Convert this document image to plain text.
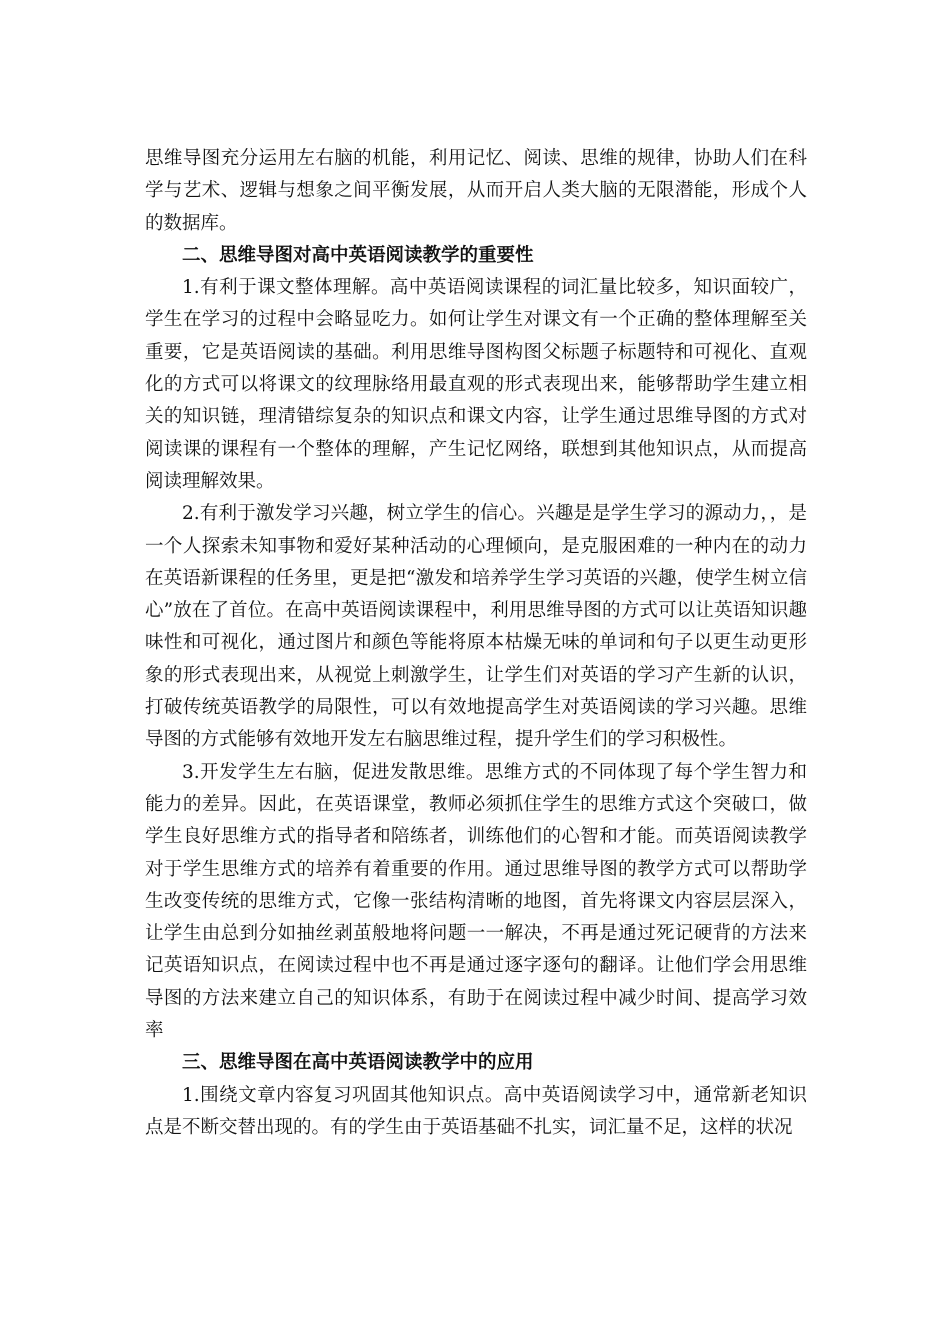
思维导图充分运用左右脑的机能，利用记忆、阅读、思维的规律，协助人们在科学与艺术、逻辑与想象之间平衡发展，从而开启人类大脑的无限潜能，形成个人的数据库。

二、思维导图对高中英语阅读教学的重要性

1.有利于课文整体理解。高中英语阅读课程的词汇量比较多，知识面较广，学生在学习的过程中会略显吃力。如何让学生对课文有一个正确的整体理解至关重要，它是英语阅读的基础。利用思维导图构图父标题子标题特和可视化、直观化的方式可以将课文的纹理脉络用最直观的形式表现出来，能够帮助学生建立相关的知识链，理清错综复杂的知识点和课文内容，让学生通过思维导图的方式对阅读课的课程有一个整体的理解，产生记忆网络，联想到其他知识点，从而提高阅读理解效果。

2.有利于激发学习兴趣，树立学生的信心。兴趣是是学生学习的源动力，，是一个人探索未知事物和爱好某种活动的心理倾向，是克服困难的一种内在的动力在英语新课程的任务里，更是把“激发和培养学生学习英语的兴趣，使学生树立信心”放在了首位。在高中英语阅读课程中，利用思维导图的方式可以让英语知识趣味性和可视化，通过图片和颜色等能将原本枯燥无味的单词和句子以更生动更形象的形式表现出来，从视觉上刺激学生，让学生们对英语的学习产生新的认识，打破传统英语教学的局限性，可以有效地提高学生对英语阅读的学习兴趣。思维导图的方式能够有效地开发左右脑思维过程，提升学生们的学习积极性。

3.开发学生左右脑，促进发散思维。思维方式的不同体现了每个学生智力和能力的差异。因此，在英语课堂，教师必须抓住学生的思维方式这个突破口，做学生良好思维方式的指导者和陪练者，训练他们的心智和才能。而英语阅读教学对于学生思维方式的培养有着重要的作用。通过思维导图的教学方式可以帮助学生改变传统的思维方式，它像一张结构清晰的地图，首先将课文内容层层深入，让学生由总到分如抽丝剥茧般地将问题一一解决，不再是通过死记硬背的方法来记英语知识点，在阅读过程中也不再是通过逐字逐句的翻译。让他们学会用思维导图的方法来建立自己的知识体系，有助于在阅读过程中减少时间、提高学习效率

三、思维导图在高中英语阅读教学中的应用

1.围绕文章内容复习巩固其他知识点。高中英语阅读学习中，通常新老知识点是不断交替出现的。有的学生由于英语基础不扎实，词汇量不足，这样的状况
